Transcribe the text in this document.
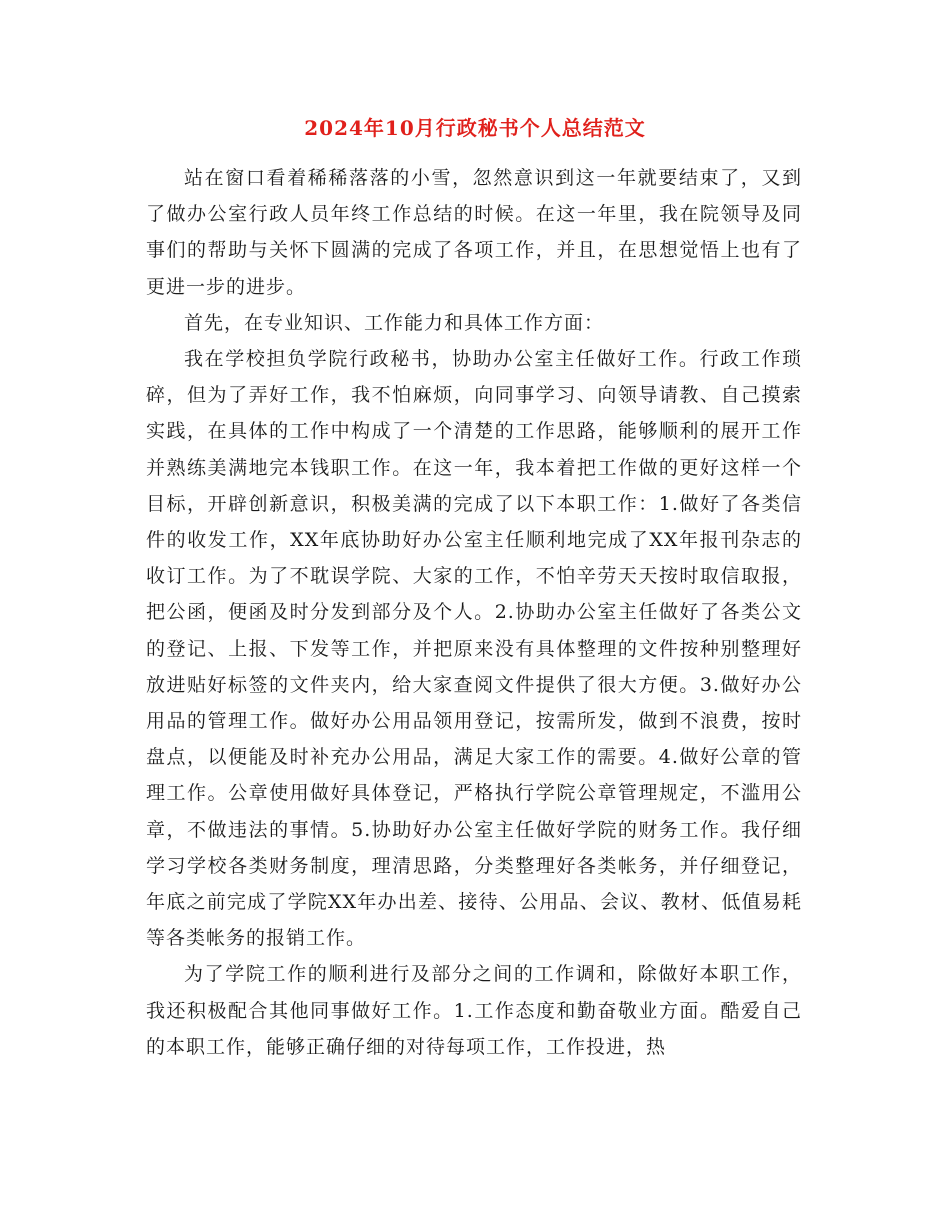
2024年10月行政秘书个人总结范文

站在窗口看着稀稀落落的小雪，忽然意识到这一年就要结束了，又到了做办公室行政人员年终工作总结的时候。在这一年里，我在院领导及同事们的帮助与关怀下圆满的完成了各项工作，并且，在思想觉悟上也有了更进一步的进步。

首先，在专业知识、工作能力和具体工作方面：

我在学校担负学院行政秘书，协助办公室主任做好工作。行政工作琐碎，但为了弄好工作，我不怕麻烦，向同事学习、向领导请教、自己摸索实践，在具体的工作中构成了一个清楚的工作思路，能够顺利的展开工作并熟练美满地完本钱职工作。在这一年，我本着把工作做的更好这样一个目标，开辟创新意识，积极美满的完成了以下本职工作：1.做好了各类信件的收发工作，XX年底协助好办公室主任顺利地完成了XX年报刊杂志的收订工作。为了不耽误学院、大家的工作，不怕辛劳天天按时取信取报，把公函，便函及时分发到部分及个人。2.协助办公室主任做好了各类公文的登记、上报、下发等工作，并把原来没有具体整理的文件按种别整理好放进贴好标签的文件夹内，给大家查阅文件提供了很大方便。3.做好办公用品的管理工作。做好办公用品领用登记，按需所发，做到不浪费，按时盘点，以便能及时补充办公用品，满足大家工作的需要。4.做好公章的管理工作。公章使用做好具体登记，严格执行学院公章管理规定，不滥用公章，不做违法的事情。5.协助好办公室主任做好学院的财务工作。我仔细学习学校各类财务制度，理清思路，分类整理好各类帐务，并仔细登记，年底之前完成了学院XX年办出差、接待、公用品、会议、教材、低值易耗等各类帐务的报销工作。

为了学院工作的顺利进行及部分之间的工作调和，除做好本职工作，我还积极配合其他同事做好工作。1.工作态度和勤奋敬业方面。酷爱自己的本职工作，能够正确仔细的对待每项工作，工作投进，热
